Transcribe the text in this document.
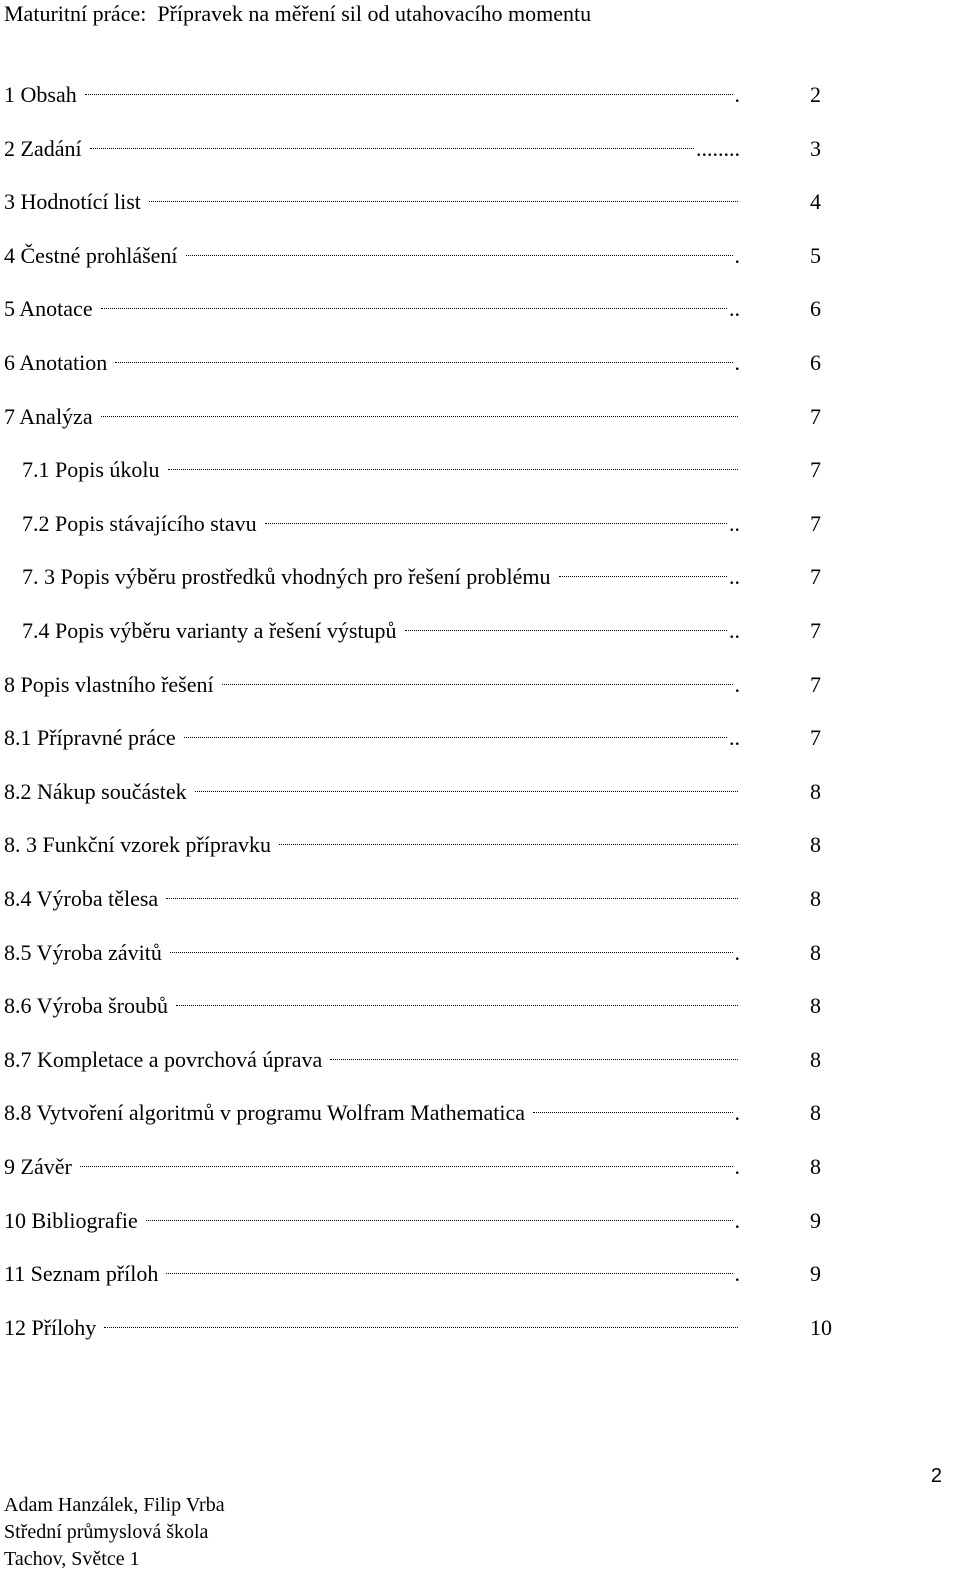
Maturitní práce:  Přípravek na měření sil od utahovacího momentu
1 Obsah	.	2
2 Zadání	........	3
3 Hodnotící list	4
4 Čestné prohlášení	.	5
5 Anotace	..	6
6 Anotation	.	6
7 Analýza	7
7.1 Popis úkolu	7
7.2 Popis stávajícího stavu	..	7
7. 3 Popis výběru prostředků vhodných pro řešení problému	..	7
7.4 Popis výběru varianty a řešení výstupů	..	7
8 Popis vlastního řešení	.	7
8.1 Přípravné práce	..	7
8.2 Nákup součástek	8
8. 3 Funkční vzorek přípravku	8
8.4 Výroba tělesa	8
8.5 Výroba závitů	.	8
8.6 Výroba šroubů	8
8.7 Kompletace a povrchová úprava	8
8.8 Vytvoření algoritmů v programu Wolfram Mathematica	.	8
9 Závěr	.	8
10 Bibliografie	.	9
11 Seznam příloh	.	9
12 Přílohy	10
2
Adam Hanzálek, Filip Vrba
Střední průmyslová škola
Tachov, Světce 1
